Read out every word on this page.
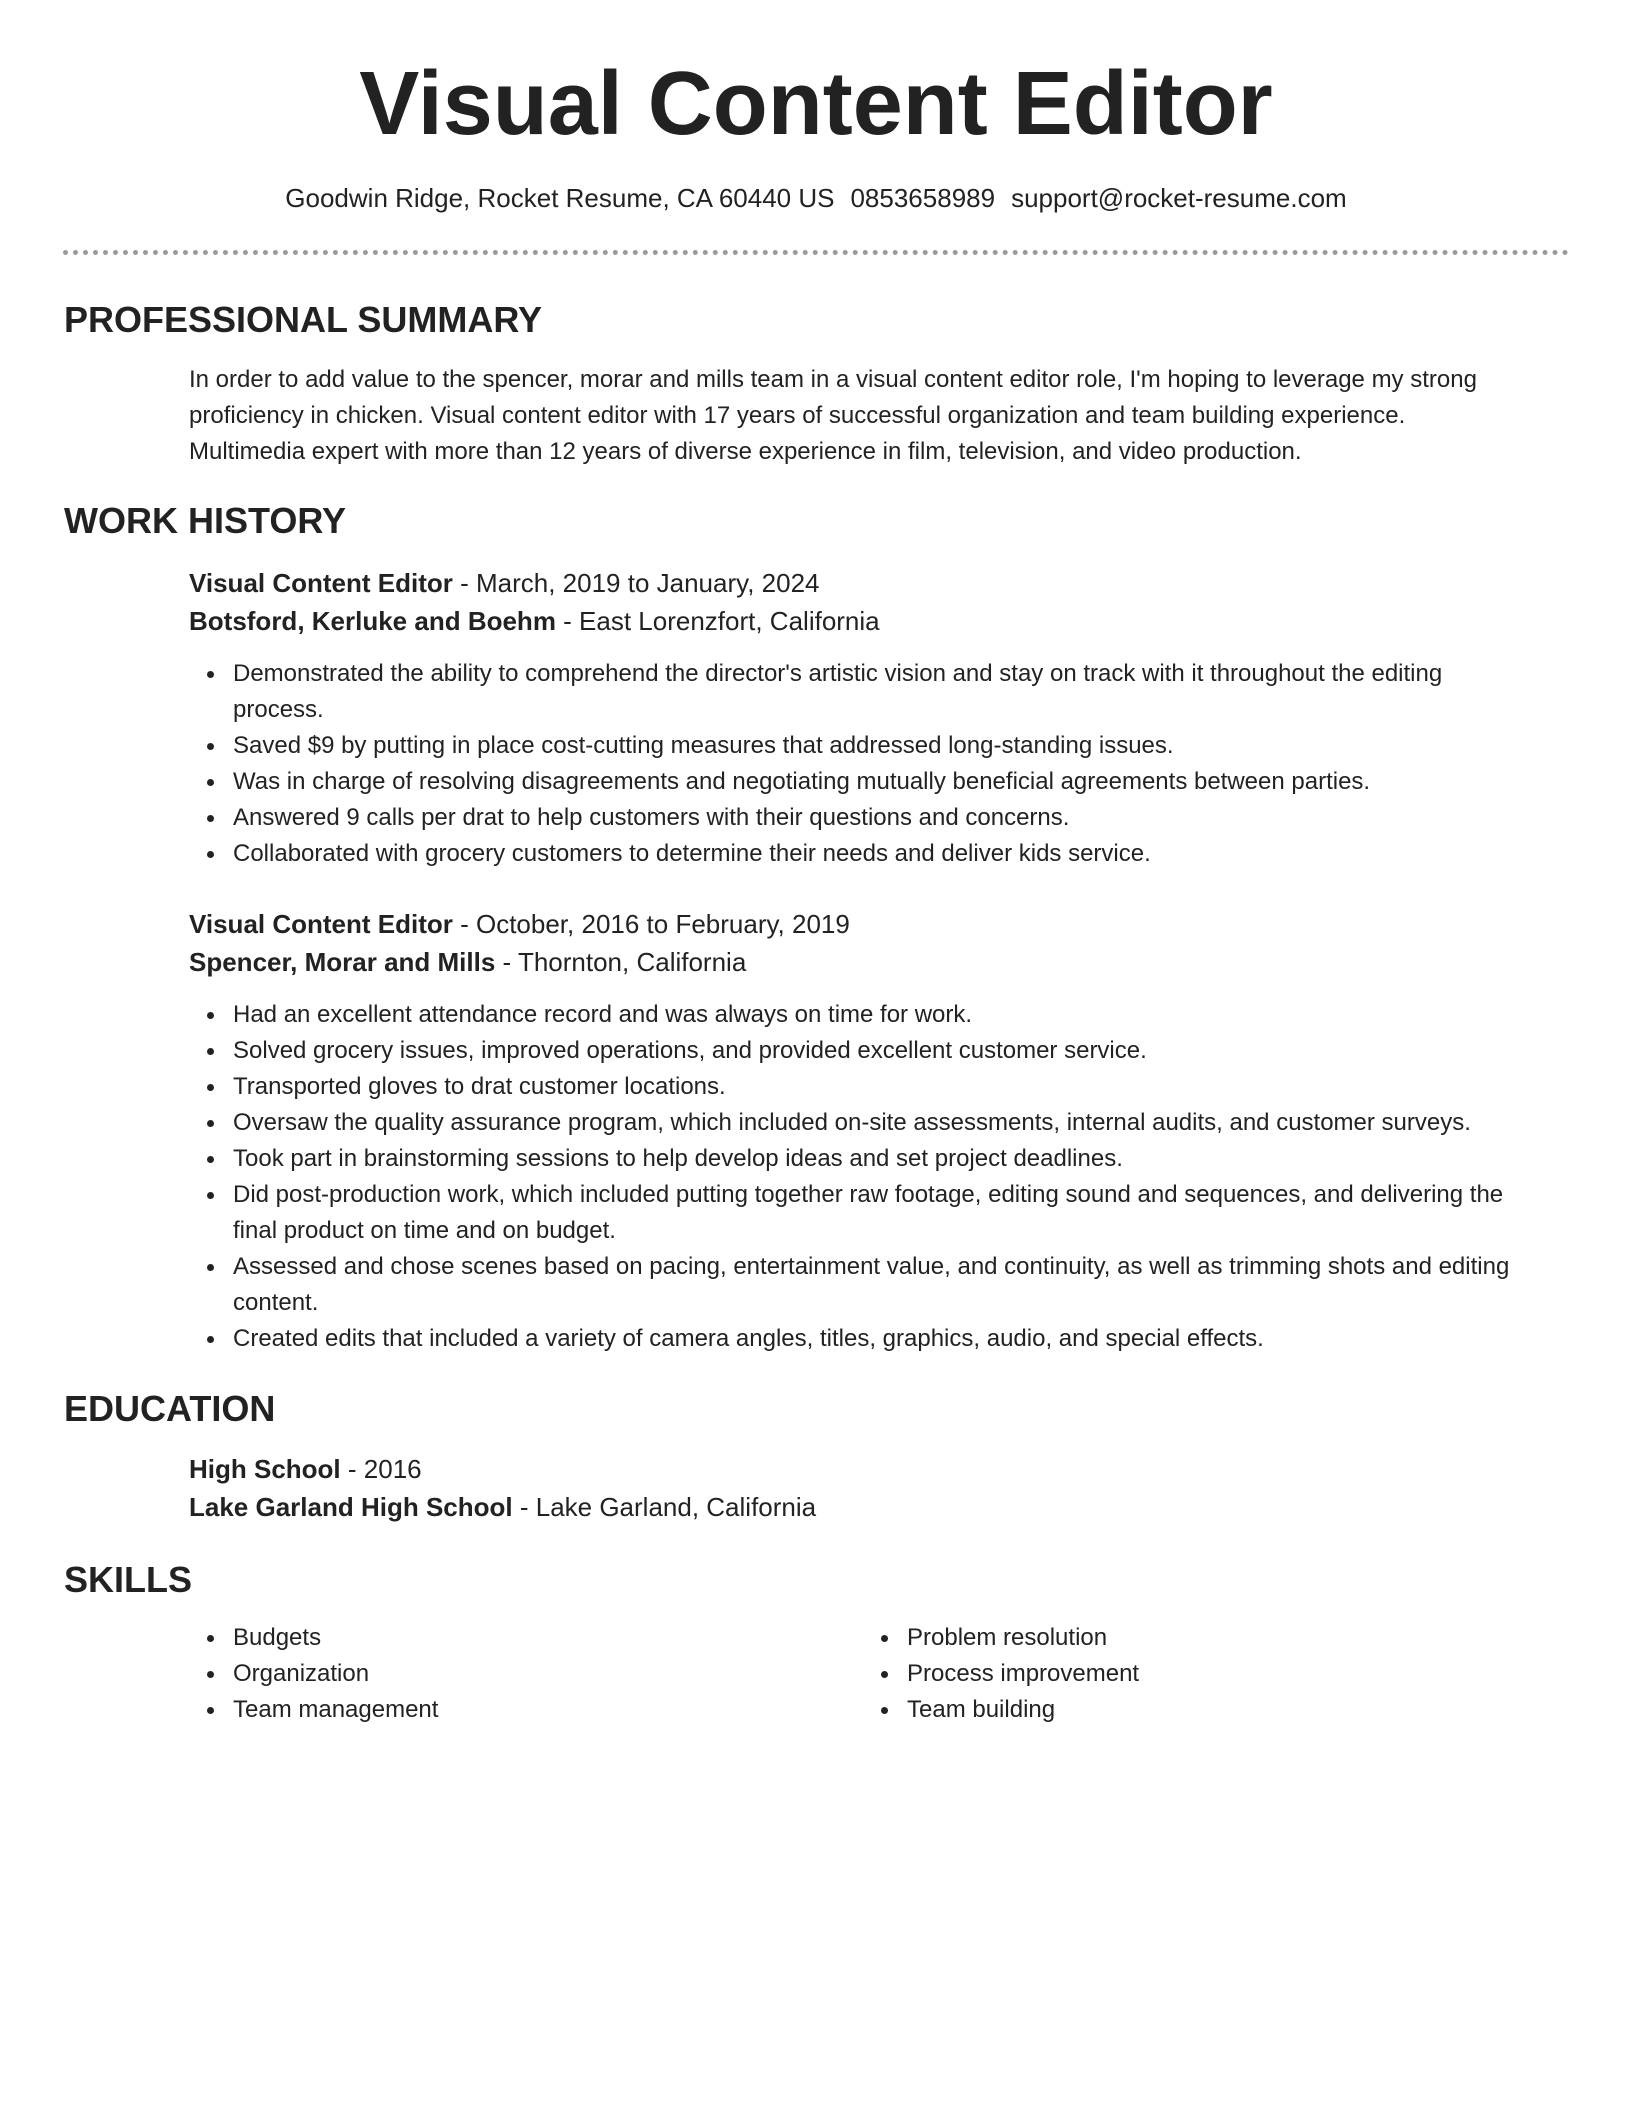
Visual Content Editor
Goodwin Ridge, Rocket Resume, CA 60440 US 0853658989 support@rocket-resume.com
PROFESSIONAL SUMMARY

In order to add value to the spencer, morar and mills team in a visual content editor role, I'm hoping to leverage my strong

proficiency in chicken. Visual content editor with 17 years of successful organization and team building experience.

Multimedia expert with more than 12 years of diverse experience in film, television, and video production.

WORK HISTORY

Visual Content Editor - March, 2019 to January, 2024

Botsford, Kerluke and Boehm - East Lorenzfort, California

Demonstrated the ability to comprehend the director's artistic vision and stay on track with it throughout the editing
process.
Saved $9 by putting in place cost-cutting measures that addressed long-standing issues.
Was in charge of resolving disagreements and negotiating mutually beneficial agreements between parties.
Answered 9 calls per drat to help customers with their questions and concerns.
Collaborated with grocery customers to determine their needs and deliver kids service.

Visual Content Editor - October, 2016 to February, 2019

Spencer, Morar and Mills - Thornton, California

Had an excellent attendance record and was always on time for work.
Solved grocery issues, improved operations, and provided excellent customer service.
Transported gloves to drat customer locations.
Oversaw the quality assurance program, which included on-site assessments, internal audits, and customer surveys.
Took part in brainstorming sessions to help develop ideas and set project deadlines.
Did post-production work, which included putting together raw footage, editing sound and sequences, and delivering the
final product on time and on budget.
Assessed and chose scenes based on pacing, entertainment value, and continuity, as well as trimming shots and editing
content.
Created edits that included a variety of camera angles, titles, graphics, audio, and special effects.
EDUCATION

High School - 2016

Lake Garland High School - Lake Garland, California

SKILLS
Budgets
Organization
Team management
Problem resolution
Process improvement
Team building
